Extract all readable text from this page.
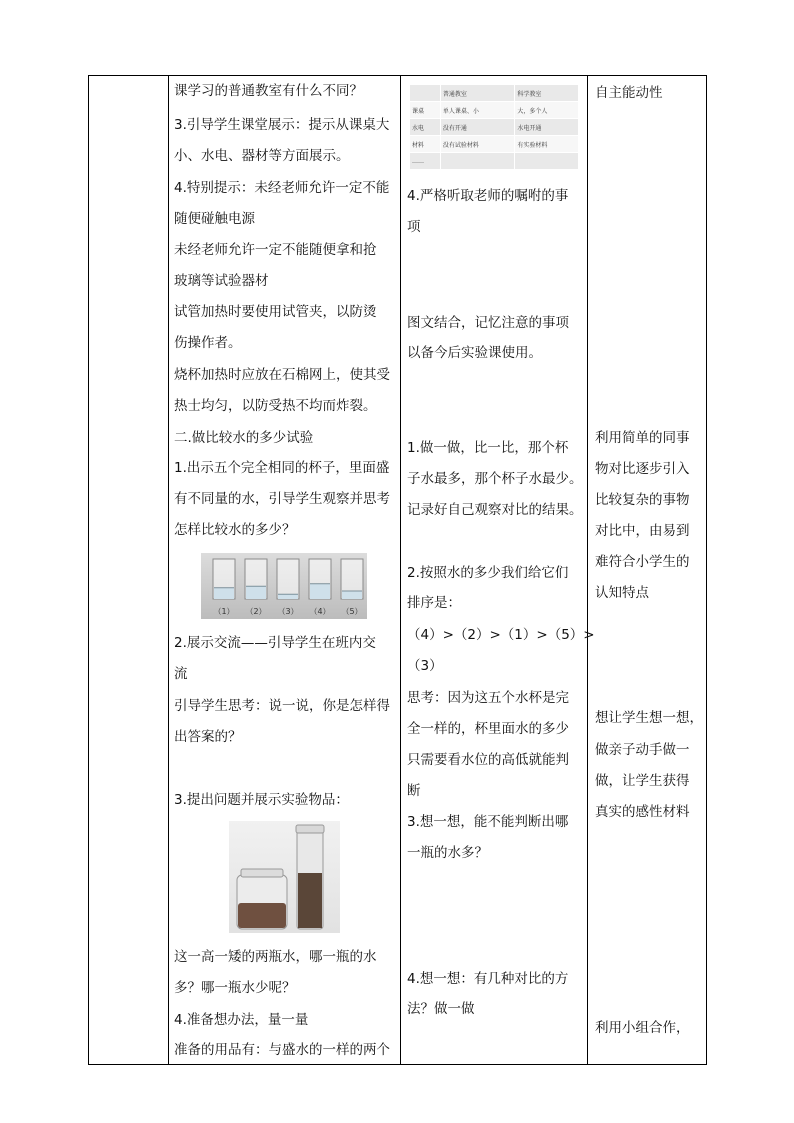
课学习的普通教室有什么不同？
3.引导学生课堂展示：提示从课桌大
小、水电、器材等方面展示。
4.特别提示：未经老师允许一定不能
随便碰触电源
未经老师允许一定不能随便拿和抢
玻璃等试验器材
试管加热时要使用试管夹，以防烫
伤操作者。
烧杯加热时应放在石棉网上，使其受
热士均匀，以防受热不均而炸裂。
二.做比较水的多少试验
1.出示五个完全相同的杯子，里面盛
有不同量的水，引导学生观察并思考
怎样比较水的多少？
（1） （2） （3） （4） （5）
2.展示交流——引导学生在班内交
流
引导学生思考：说一说，你是怎样得
出答案的？
3.提出问题并展示实验物品：
这一高一矮的两瓶水，哪一瓶的水
多？哪一瓶水少呢？
4.准备想办法，量一量
准备的用品有：与盛水的一样的两个
	普通教室	科学教室
课桌	单人课桌、小	大，多个人
水电	没有开通	水电开通
材料	没有试验材料	有实验材料
……		
4.严格听取老师的嘱咐的事
项
图文结合，记忆注意的事项
以备今后实验课使用。
1.做一做，比一比，那个杯
子水最多，那个杯子水最少。
记录好自己观察对比的结果。
2.按照水的多少我们给它们
排序是：
（4）>（2）>（1）>（5）>
（3）
思考：因为这五个水杯是完
全一样的，杯里面水的多少
只需要看水位的高低就能判
断
3.想一想，能不能判断出哪
一瓶的水多？
4.想一想：有几种对比的方
法？做一做
自主能动性
利用简单的同事
物对比逐步引入
比较复杂的事物
对比中，由易到
难符合小学生的
认知特点
想让学生想一想，
做亲子动手做一
做，让学生获得
真实的感性材料
利用小组合作，
